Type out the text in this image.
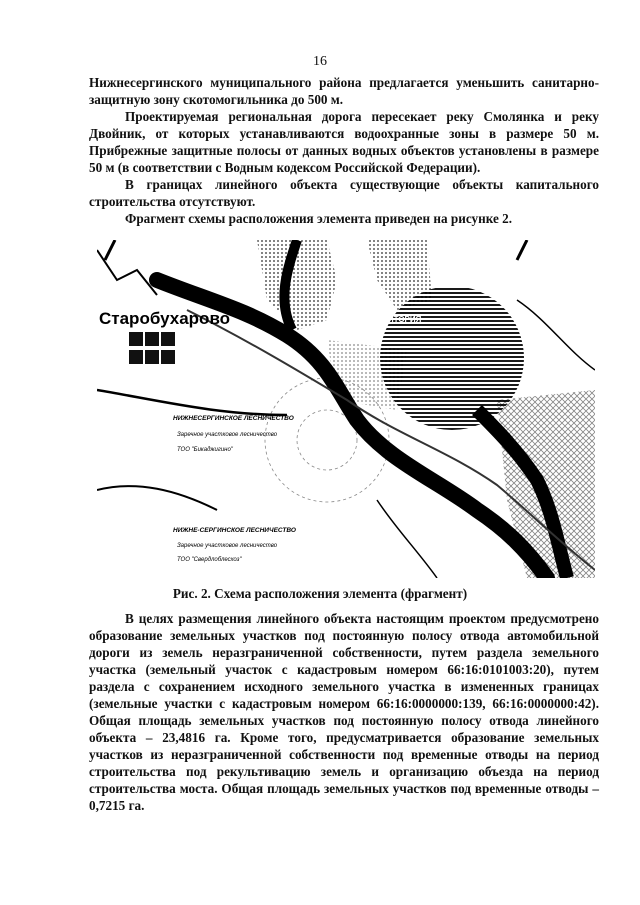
16

Нижнесергинского муниципального района предлагается уменьшить санитарно-защитную зону скотомогильника до 500 м.

Проектируемая региональная дорога пересекает реку Смолянка и реку Двойник, от которых устанавливаются водоохранные зоны в размере 50 м. Прибрежные защитные полосы от данных водных объектов установлены в размере 50 м (в соответствии с Водным кодексом Российской Федерации).

В границах линейного объекта существующие объекты капитального строительства отсутствуют.

Фрагмент схемы расположения элемента приведен на рисунке 2.

Старобухарово	ТЕРРИТОРИЯ
НИЖНЕСЕРГИНСКОЕ ЛЕСНИЧЕСТВО
Заречное участковое лесничество
ТОО "Бикаджигино"
НИЖНЕ-СЕРГИНСКОЕ ЛЕСНИЧЕСТВО
Заречное участковое лесничество
ТОО "Свердлоблесхоз"
Рис. 2. Схема расположения элемента (фрагмент)

В целях размещения линейного объекта настоящим проектом предусмотрено образование земельных участков под постоянную полосу отвода автомобильной дороги из земель неразграниченной собственности, путем раздела земельного участка (земельный участок с кадастровым номером 66:16:0101003:20), путем раздела с сохранением исходного земельного участка в измененных границах (земельные участки с кадастровым номером 66:16:0000000:139, 66:16:0000000:42). Общая площадь земельных участков под постоянную полосу отвода линейного объекта – 23,4816 га. Кроме того, предусматривается образование земельных участков из неразграниченной собственности под временные отводы на период строительства под рекультивацию земель и организацию объезда на период строительства моста. Общая площадь земельных участков под временные отводы – 0,7215 га.
